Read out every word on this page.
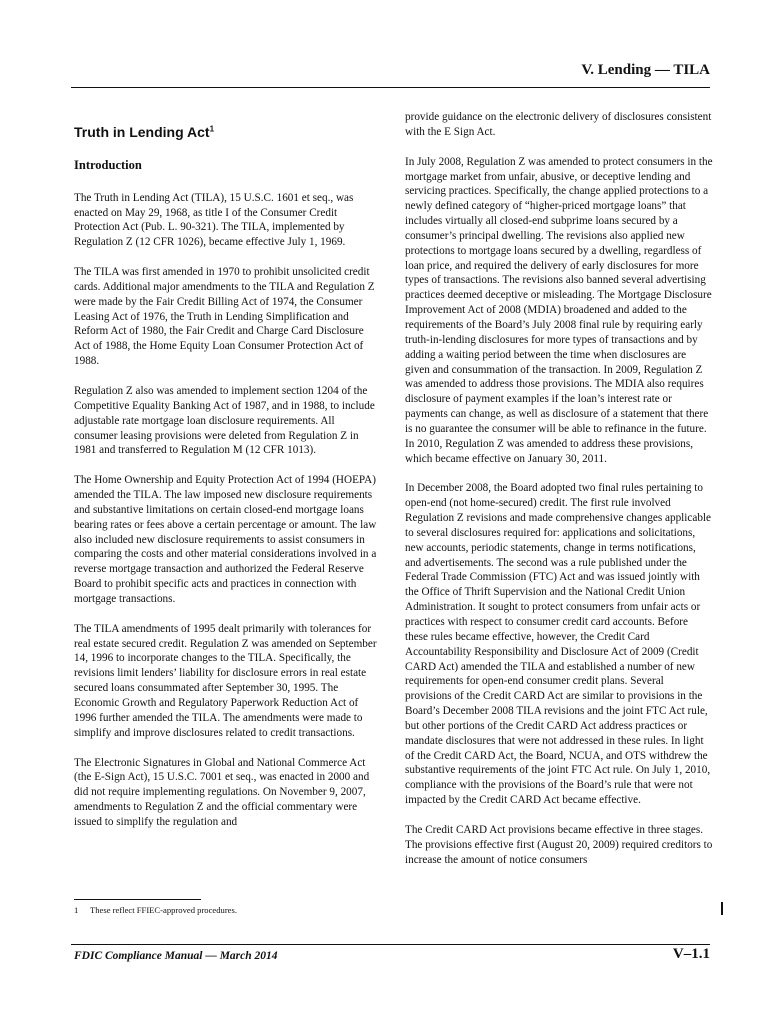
V. Lending — TILA
Truth in Lending Act$^1$
Introduction

The Truth in Lending Act (TILA), 15 U.S.C. 1601 et seq., was enacted on May 29, 1968, as title I of the Consumer Credit Protection Act (Pub. L. 90-321). The TILA, implemented by Regulation Z (12 CFR 1026), became effective July 1, 1969.

The TILA was first amended in 1970 to prohibit unsolicited credit cards. Additional major amendments to the TILA and Regulation Z were made by the Fair Credit Billing Act of 1974, the Consumer Leasing Act of 1976, the Truth in Lending Simplification and Reform Act of 1980, the Fair Credit and Charge Card Disclosure Act of 1988, the Home Equity Loan Consumer Protection Act of 1988.

Regulation Z also was amended to implement section 1204 of the Competitive Equality Banking Act of 1987, and in 1988, to include adjustable rate mortgage loan disclosure requirements. All consumer leasing provisions were deleted from Regulation Z in 1981 and transferred to Regulation M (12 CFR 1013).

The Home Ownership and Equity Protection Act of 1994 (HOEPA) amended the TILA. The law imposed new disclosure requirements and substantive limitations on certain closed-end mortgage loans bearing rates or fees above a certain percentage or amount. The law also included new disclosure requirements to assist consumers in comparing the costs and other material considerations involved in a reverse mortgage transaction and authorized the Federal Reserve Board to prohibit specific acts and practices in connection with mortgage transactions.

The TILA amendments of 1995 dealt primarily with tolerances for real estate secured credit. Regulation Z was amended on September 14, 1996 to incorporate changes to the TILA. Specifically, the revisions limit lenders’ liability for disclosure errors in real estate secured loans consummated after September 30, 1995. The Economic Growth and Regulatory Paperwork Reduction Act of 1996 further amended the TILA. The amendments were made to simplify and improve disclosures related to credit transactions.

The Electronic Signatures in Global and National Commerce Act (the E-Sign Act), 15 U.S.C. 7001 et seq., was enacted in 2000 and did not require implementing regulations. On November 9, 2007, amendments to Regulation Z and the official commentary were issued to simplify the regulation and

provide guidance on the electronic delivery of disclosures consistent with the E Sign Act.

In July 2008, Regulation Z was amended to protect consumers in the mortgage market from unfair, abusive, or deceptive lending and servicing practices. Specifically, the change applied protections to a newly defined category of “higher-priced mortgage loans” that includes virtually all closed-end subprime loans secured by a consumer’s principal dwelling. The revisions also applied new protections to mortgage loans secured by a dwelling, regardless of loan price, and required the delivery of early disclosures for more types of transactions. The revisions also banned several advertising practices deemed deceptive or misleading. The Mortgage Disclosure Improvement Act of 2008 (MDIA) broadened and added to the requirements of the Board’s July 2008 final rule by requiring early truth-in-lending disclosures for more types of transactions and by adding a waiting period between the time when disclosures are given and consummation of the transaction. In 2009, Regulation Z was amended to address those provisions. The MDIA also requires disclosure of payment examples if the loan’s interest rate or payments can change, as well as disclosure of a statement that there is no guarantee the consumer will be able to refinance in the future. In 2010, Regulation Z was amended to address these provisions, which became effective on January 30, 2011.

In December 2008, the Board adopted two final rules pertaining to open-end (not home-secured) credit. The first rule involved Regulation Z revisions and made comprehensive changes applicable to several disclosures required for: applications and solicitations, new accounts, periodic statements, change in terms notifications, and advertisements. The second was a rule published under the Federal Trade Commission (FTC) Act and was issued jointly with the Office of Thrift Supervision and the National Credit Union Administration. It sought to protect consumers from unfair acts or practices with respect to consumer credit card accounts. Before these rules became effective, however, the Credit Card Accountability Responsibility and Disclosure Act of 2009 (Credit CARD Act) amended the TILA and established a number of new requirements for open-end consumer credit plans. Several provisions of the Credit CARD Act are similar to provisions in the Board’s December 2008 TILA revisions and the joint FTC Act rule, but other portions of the Credit CARD Act address practices or mandate disclosures that were not addressed in these rules. In light of the Credit CARD Act, the Board, NCUA, and OTS withdrew the substantive requirements of the joint FTC Act rule. On July 1, 2010, compliance with the provisions of the Board’s rule that were not impacted by the Credit CARD Act became effective.

The Credit CARD Act provisions became effective in three stages. The provisions effective first (August 20, 2009) required creditors to increase the amount of notice consumers

1 These reflect FFIEC-approved procedures.
FDIC Compliance Manual — March 2014	V–1.1
